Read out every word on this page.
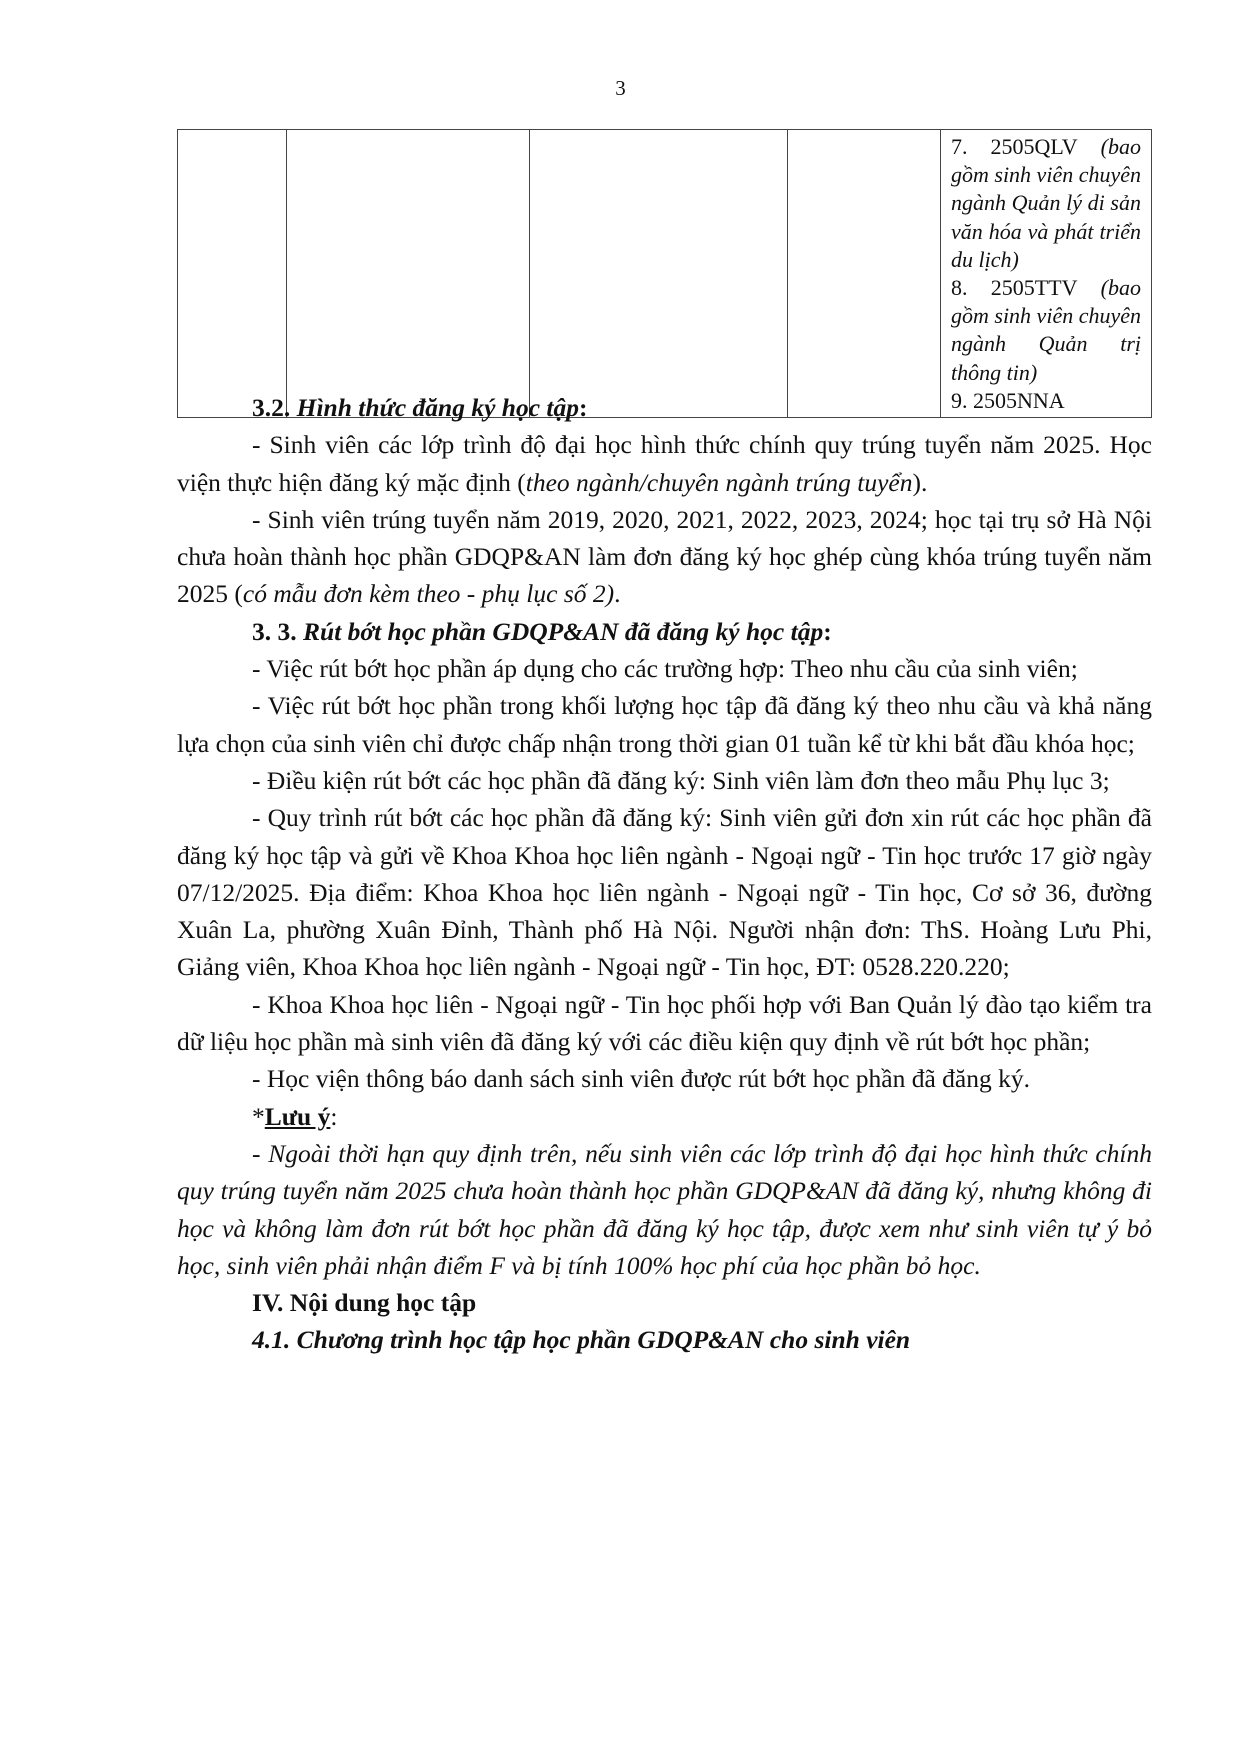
3

7. 2505QLV (bao gồm sinh viên chuyên ngành Quản lý di sản văn hóa và phát triển du lịch)
8. 2505TTV (bao gồm sinh viên chuyên ngành Quản trị thông tin)
9. 2505NNA

3.2. Hình thức đăng ký học tập:

- Sinh viên các lớp trình độ đại học hình thức chính quy trúng tuyển năm 2025. Học viện thực hiện đăng ký mặc định (theo ngành/chuyên ngành trúng tuyển).

- Sinh viên trúng tuyển năm 2019, 2020, 2021, 2022, 2023, 2024; học tại trụ sở Hà Nội chưa hoàn thành học phần GDQP&AN làm đơn đăng ký học ghép cùng khóa trúng tuyển năm 2025 (có mẫu đơn kèm theo - phụ lục số 2).

3. 3. Rút bớt học phần GDQP&AN đã đăng ký học tập:

- Việc rút bớt học phần áp dụng cho các trường hợp: Theo nhu cầu của sinh viên;

- Việc rút bớt học phần trong khối lượng học tập đã đăng ký theo nhu cầu và khả năng lựa chọn của sinh viên chỉ được chấp nhận trong thời gian 01 tuần kể từ khi bắt đầu khóa học;

- Điều kiện rút bớt các học phần đã đăng ký: Sinh viên làm đơn theo mẫu Phụ lục 3;

- Quy trình rút bớt các học phần đã đăng ký: Sinh viên gửi đơn xin rút các học phần đã đăng ký học tập và gửi về Khoa Khoa học liên ngành - Ngoại ngữ - Tin học trước 17 giờ ngày 07/12/2025. Địa điểm: Khoa Khoa học liên ngành - Ngoại ngữ - Tin học, Cơ sở 36, đường Xuân La, phường Xuân Đỉnh, Thành phố Hà Nội. Người nhận đơn: ThS. Hoàng Lưu Phi, Giảng viên, Khoa Khoa học liên ngành - Ngoại ngữ - Tin học, ĐT: 0528.220.220;

- Khoa Khoa học liên - Ngoại ngữ - Tin học phối hợp với Ban Quản lý đào tạo kiểm tra dữ liệu học phần mà sinh viên đã đăng ký với các điều kiện quy định về rút bớt học phần;

- Học viện thông báo danh sách sinh viên được rút bớt học phần đã đăng ký.

*Lưu ý:

- Ngoài thời hạn quy định trên, nếu sinh viên các lớp trình độ đại học hình thức chính quy trúng tuyển năm 2025 chưa hoàn thành học phần GDQP&AN đã đăng ký, nhưng không đi học và không làm đơn rút bớt học phần đã đăng ký học tập, được xem như sinh viên tự ý bỏ học, sinh viên phải nhận điểm F và bị tính 100% học phí của học phần bỏ học.

IV. Nội dung học tập

4.1. Chương trình học tập học phần GDQP&AN cho sinh viên
